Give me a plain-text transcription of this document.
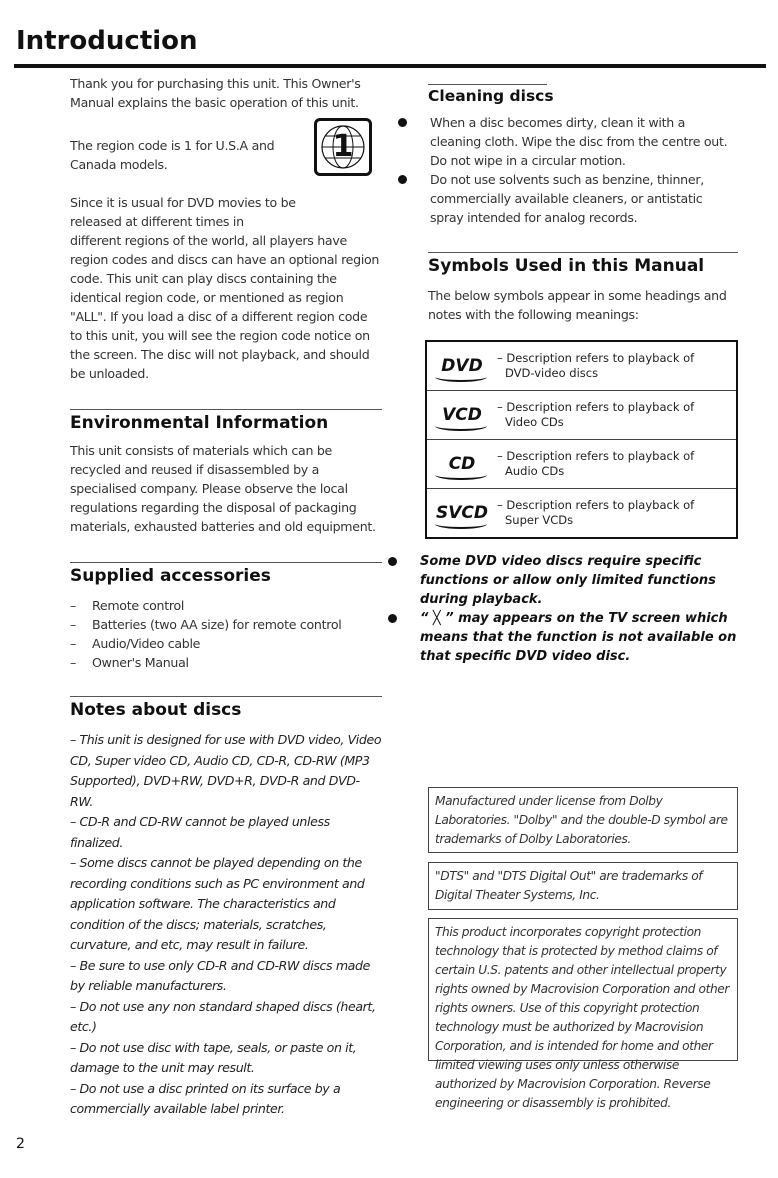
Introduction

Thank you for purchasing this unit. This Owner's Manual explains the basic operation of this unit.

The region code is 1 for U.S.A and Canada models.

1

Since it is usual for DVD movies to be released at different times in

different regions of the world, all players have region codes and discs can have an optional region code. This unit can play discs containing the identical region code, or mentioned as region "ALL". If you load a disc of a different region code to this unit, you will see the region code notice on the screen. The disc will not playback, and should be unloaded.

Environmental Information

This unit consists of materials which can be recycled and reused if disassembled by a specialised company. Please observe the local regulations regarding the disposal of packaging materials, exhausted batteries and old equipment.

Supplied accessories
– Remote control
– Batteries (two AA size) for remote control
– Audio/Video cable
– Owner's Manual
Notes about discs

– This unit is designed for use with DVD video, Video CD, Super video CD, Audio CD, CD-R, CD-RW (MP3 Supported), DVD+RW, DVD+R, DVD-R and DVD-RW.

– CD-R and CD-RW cannot be played unless finalized.

– Some discs cannot be played depending on the recording conditions such as PC environment and application software. The characteristics and condition of the discs; materials, scratches, curvature, and etc, may result in failure.

– Be sure to use only CD-R and CD-RW discs made by reliable manufacturers.

– Do not use any non standard shaped discs (heart, etc.)

– Do not use disc with tape, seals, or paste on it, damage to the unit may result.

– Do not use a disc printed on its surface by a commercially available label printer.

Cleaning discs
When a disc becomes dirty, clean it with a cleaning cloth. Wipe the disc from the centre out. Do not wipe in a circular motion.
Do not use solvents such as benzine, thinner, commercially available cleaners, or antistatic spray intended for analog records.
Symbols Used in this Manual

The below symbols appear in some headings and notes with the following meanings:

DVD	– Description refers to playback of
DVD-video discs
VCD	– Description refers to playback of
Video CDs
CD	– Description refers to playback of
Audio CDs
SVCD – Description refers to playback of
Super VCDs
Some DVD video discs require specific functions or allow only limited functions during playback.
“ ╳ ” may appears on the TV screen which means that the function is not available on that specific DVD video disc.
Manufactured under license from Dolby Laboratories. "Dolby" and the double-D symbol are trademarks of Dolby Laboratories.
"DTS" and "DTS Digital Out" are trademarks of Digital Theater Systems, Inc.
This product incorporates copyright protection technology that is protected by method claims of certain U.S. patents and other intellectual property rights owned by Macrovision Corporation and other rights owners. Use of this copyright protection technology must be authorized by Macrovision Corporation, and is intended for home and other limited viewing uses only unless otherwise authorized by Macrovision Corporation. Reverse engineering or disassembly is prohibited.
2
